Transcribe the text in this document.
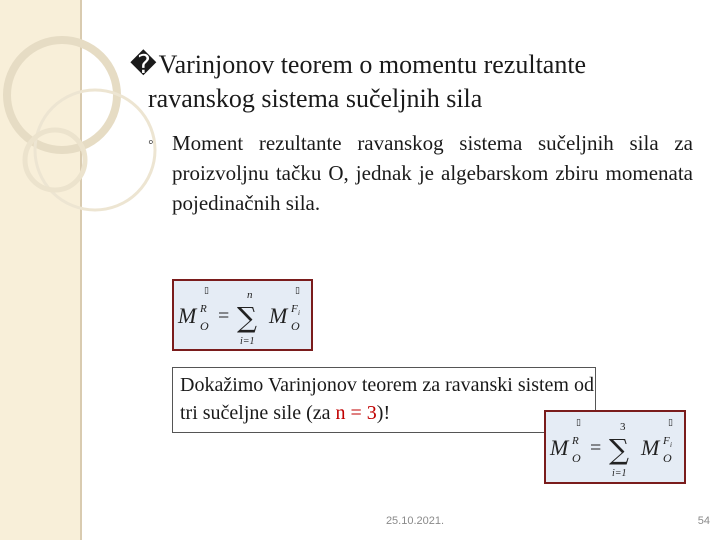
�Varinjonov teorem o momentu rezultante
ravanskog sistema sučeljnih sila
◦ Moment rezultante ravanskog sistema sučeljnih sila za proizvoljnu tačku O, jednak je algebarskom zbiru momenata pojedinačnih sila.
▯
M R
O =
n
∑
i=1
▯
M F i
O
Dokažimo Varinjonov teorem za ravanski sistem od tri sučeljne sile (za n = 3)!	▯
M R
O =
3
∑
i=1
▯
M F i
O
25.10.2021.	54
